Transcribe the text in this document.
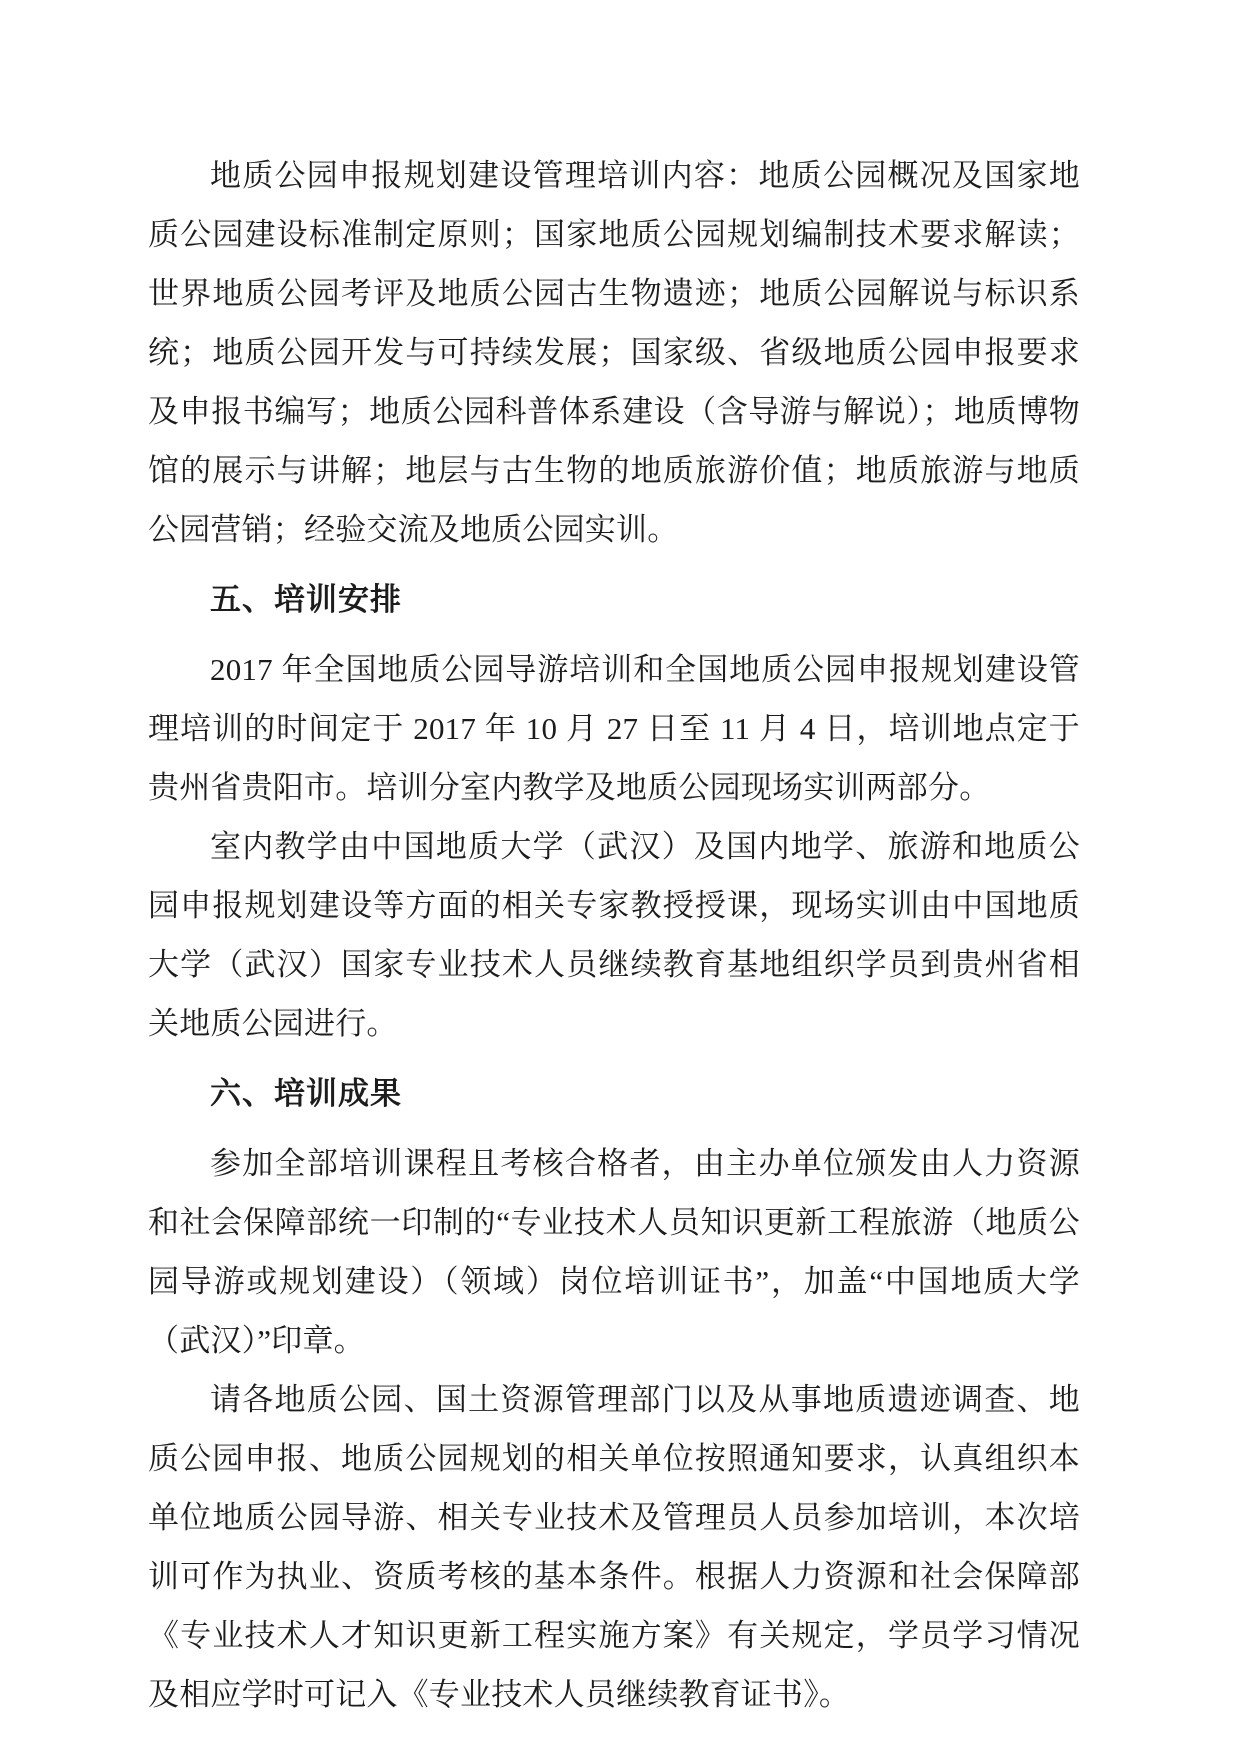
地质公园申报规划建设管理培训内容：地质公园概况及国家地质公园建设标准制定原则；国家地质公园规划编制技术要求解读；世界地质公园考评及地质公园古生物遗迹；地质公园解说与标识系统；地质公园开发与可持续发展；国家级、省级地质公园申报要求及申报书编写；地质公园科普体系建设（含导游与解说）；地质博物馆的展示与讲解；地层与古生物的地质旅游价值；地质旅游与地质公园营销；经验交流及地质公园实训。

五、培训安排

2017 年全国地质公园导游培训和全国地质公园申报规划建设管理培训的时间定于 2017 年 10 月 27 日至 11 月 4 日，培训地点定于贵州省贵阳市。培训分室内教学及地质公园现场实训两部分。

室内教学由中国地质大学（武汉）及国内地学、旅游和地质公园申报规划建设等方面的相关专家教授授课，现场实训由中国地质大学（武汉）国家专业技术人员继续教育基地组织学员到贵州省相关地质公园进行。

六、培训成果

参加全部培训课程且考核合格者，由主办单位颁发由人力资源和社会保障部统一印制的“专业技术人员知识更新工程旅游（地质公园导游或规划建设）（领域）岗位培训证书”，加盖“中国地质大学（武汉）”印章。

请各地质公园、国土资源管理部门以及从事地质遗迹调查、地质公园申报、地质公园规划的相关单位按照通知要求，认真组织本单位地质公园导游、相关专业技术及管理员人员参加培训，本次培训可作为执业、资质考核的基本条件。根据人力资源和社会保障部《专业技术人才知识更新工程实施方案》有关规定，学员学习情况及相应学时可记入《专业技术人员继续教育证书》。
